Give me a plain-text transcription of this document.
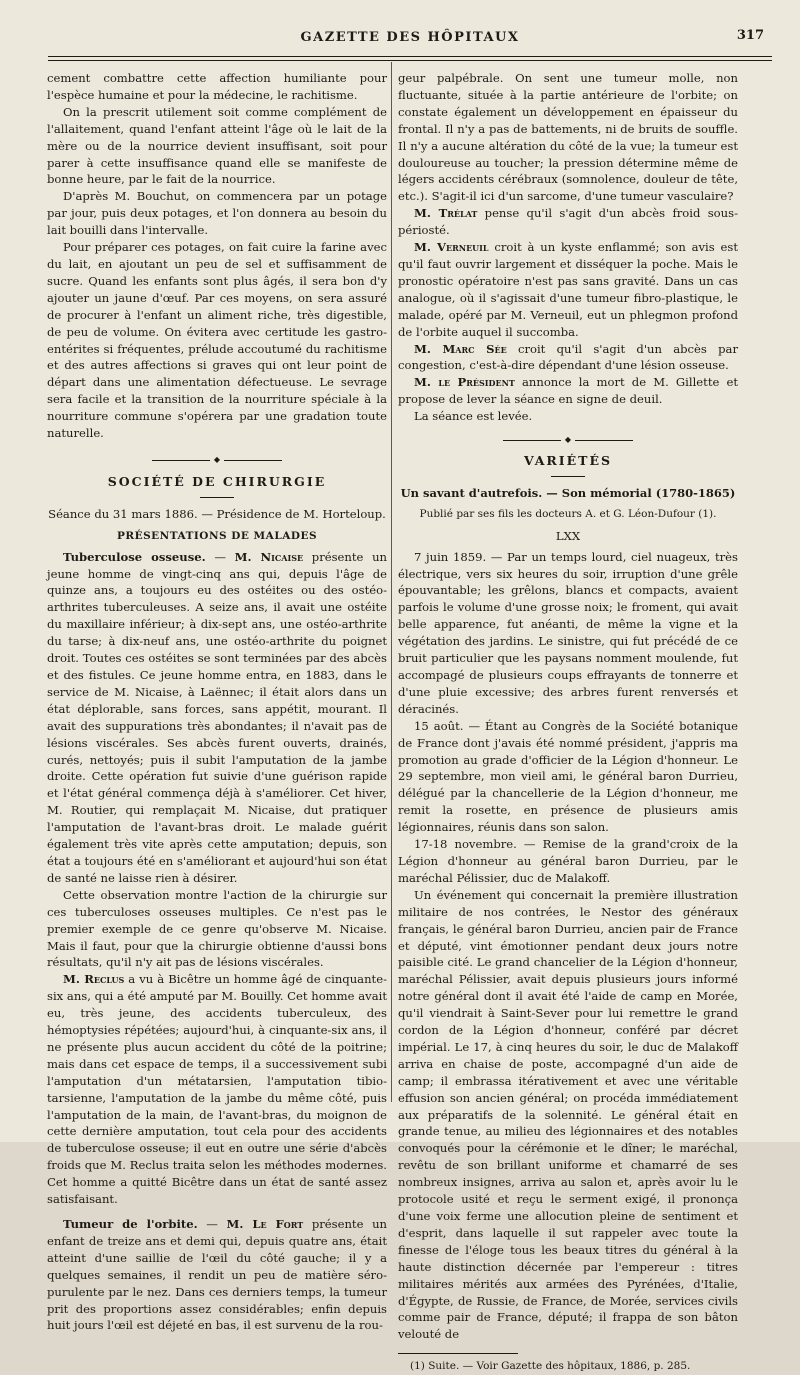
GAZETTE DES HÔPITAUX	317

cement combattre cette affection humiliante pour l'espèce humaine et pour la médecine, le rachitisme.

On la prescrit utilement soit comme complément de l'allaitement, quand l'enfant atteint l'âge où le lait de la mère ou de la nourrice devient insuffisant, soit pour parer à cette insuffisance quand elle se manifeste de bonne heure, par le fait de la nourrice.

D'après M. Bouchut, on commencera par un potage par jour, puis deux potages, et l'on donnera au besoin du lait bouilli dans l'intervalle.

Pour préparer ces potages, on fait cuire la farine avec du lait, en ajoutant un peu de sel et suffisamment de sucre. Quand les enfants sont plus âgés, il sera bon d'y ajouter un jaune d'œuf. Par ces moyens, on sera assuré de procurer à l'enfant un aliment riche, très digestible, de peu de volume. On évitera avec certitude les gastro-entérites si fréquentes, prélude accoutumé du rachitisme et des autres affections si graves qui ont leur point de départ dans une alimentation défectueuse. Le sevrage sera facile et la transition de la nourriture spéciale à la nourriture commune s'opérera par une gradation toute naturelle.

◆
SOCIÉTÉ DE CHIRURGIE
Séance du 31 mars 1886. — Présidence de M. Horteloup.
PRÉSENTATIONS DE MALADES

Tuberculose osseuse. — M. Nicaise présente un jeune homme de vingt-cinq ans qui, depuis l'âge de quinze ans, a toujours eu des ostéites ou des ostéo-arthrites tuberculeuses. A seize ans, il avait une ostéite du maxillaire inférieur; à dix-sept ans, une ostéo-arthrite du tarse; à dix-neuf ans, une ostéo-arthrite du poignet droit. Toutes ces ostéites se sont terminées par des abcès et des fistules. Ce jeune homme entra, en 1883, dans le service de M. Nicaise, à Laënnec; il était alors dans un état déplorable, sans forces, sans appétit, mourant. Il avait des suppurations très abondantes; il n'avait pas de lésions viscérales. Ses abcès furent ouverts, drainés, curés, nettoyés; puis il subit l'amputation de la jambe droite. Cette opération fut suivie d'une guérison rapide et l'état général commença déjà à s'améliorer. Cet hiver, M. Routier, qui remplaçait M. Nicaise, dut pratiquer l'amputation de l'avant-bras droit. Le malade guérit également très vite après cette amputation; depuis, son état a toujours été en s'améliorant et aujourd'hui son état de santé ne laisse rien à désirer.

Cette observation montre l'action de la chirurgie sur ces tuberculoses osseuses multiples. Ce n'est pas le premier exemple de ce genre qu'observe M. Nicaise. Mais il faut, pour que la chirurgie obtienne d'aussi bons résultats, qu'il n'y ait pas de lésions viscérales.

M. Reclus a vu à Bicêtre un homme âgé de cinquante-six ans, qui a été amputé par M. Bouilly. Cet homme avait eu, très jeune, des accidents tuberculeux, des hémoptysies répétées; aujourd'hui, à cinquante-six ans, il ne présente plus aucun accident du côté de la poitrine; mais dans cet espace de temps, il a successivement subi l'amputation d'un métatarsien, l'amputation tibio-tarsienne, l'amputation de la jambe du même côté, puis l'amputation de la main, de l'avant-bras, du moignon de cette dernière amputation, tout cela pour des accidents de tuberculose osseuse; il eut en outre une série d'abcès froids que M. Reclus traita selon les méthodes modernes. Cet homme a quitté Bicêtre dans un état de santé assez satisfaisant.

Tumeur de l'orbite. — M. Le Fort présente un enfant de treize ans et demi qui, depuis quatre ans, était atteint d'une saillie de l'œil du côté gauche; il y a quelques semaines, il rendit un peu de matière séro-purulente par le nez. Dans ces derniers temps, la tumeur prit des proportions assez considérables; enfin depuis huit jours l'œil est déjeté en bas, il est survenu de la rou-

geur palpébrale. On sent une tumeur molle, non fluctuante, située à la partie antérieure de l'orbite; on constate également un développement en épaisseur du frontal. Il n'y a pas de battements, ni de bruits de souffle. Il n'y a aucune altération du côté de la vue; la tumeur est douloureuse au toucher; la pression détermine même de légers accidents cérébraux (somnolence, douleur de tête, etc.). S'agit-il ici d'un sarcome, d'une tumeur vasculaire?

M. Trélat pense qu'il s'agit d'un abcès froid sous-périosté.

M. Verneuil croit à un kyste enflammé; son avis est qu'il faut ouvrir largement et disséquer la poche. Mais le pronostic opératoire n'est pas sans gravité. Dans un cas analogue, où il s'agissait d'une tumeur fibro-plastique, le malade, opéré par M. Verneuil, eut un phlegmon profond de l'orbite auquel il succomba.

M. Marc Sée croit qu'il s'agit d'un abcès par congestion, c'est-à-dire dépendant d'une lésion osseuse.

M. le Président annonce la mort de M. Gillette et propose de lever la séance en signe de deuil.

La séance est levée.

◆
VARIÉTÉS
Un savant d'autrefois. — Son mémorial (1780-1865)
Publié par ses fils les docteurs A. et G. Léon-Dufour (1).
LXX

7 juin 1859. — Par un temps lourd, ciel nuageux, très électrique, vers six heures du soir, irruption d'une grêle épouvantable; les grêlons, blancs et compacts, avaient parfois le volume d'une grosse noix; le froment, qui avait belle apparence, fut anéanti, de même la vigne et la végétation des jardins. Le sinistre, qui fut précédé de ce bruit particulier que les paysans nomment moulende, fut accompagé de plusieurs coups effrayants de tonnerre et d'une pluie excessive; des arbres furent renversés et déracinés.

15 août. — Étant au Congrès de la Société botanique de France dont j'avais été nommé président, j'appris ma promotion au grade d'officier de la Légion d'honneur. Le 29 septembre, mon vieil ami, le général baron Durrieu, délégué par la chancellerie de la Légion d'honneur, me remit la rosette, en présence de plusieurs amis légionnaires, réunis dans son salon.

17-18 novembre. — Remise de la grand'croix de la Légion d'honneur au général baron Durrieu, par le maréchal Pélissier, duc de Malakoff.

Un événement qui concernait la première illustration militaire de nos contrées, le Nestor des généraux français, le général baron Durrieu, ancien pair de France et député, vint émotionner pendant deux jours notre paisible cité. Le grand chancelier de la Légion d'honneur, maréchal Pélissier, avait depuis plusieurs jours informé notre général dont il avait été l'aide de camp en Morée, qu'il viendrait à Saint-Sever pour lui remettre le grand cordon de la Légion d'honneur, conféré par décret impérial. Le 17, à cinq heures du soir, le duc de Malakoff arriva en chaise de poste, accompagné d'un aide de camp; il embrassa itérativement et avec une véritable effusion son ancien général; on procéda immédiatement aux préparatifs de la solennité. Le général était en grande tenue, au milieu des légionnaires et des notables convoqués pour la cérémonie et le dîner; le maréchal, revêtu de son brillant uniforme et chamarré de ses nombreux insignes, arriva au salon et, après avoir lu le protocole usité et reçu le serment exigé, il prononça d'une voix ferme une allocution pleine de sentiment et d'esprit, dans laquelle il sut rappeler avec toute la finesse de l'éloge tous les beaux titres du général à la haute distinction décernée par l'empereur : titres militaires mérités aux armées des Pyrénées, d'Italie, d'Égypte, de Russie, de France, de Morée, services civils comme pair de France, député; il frappa de son bâton velouté de

(1) Suite. — Voir Gazette des hôpitaux, 1886, p. 285.
